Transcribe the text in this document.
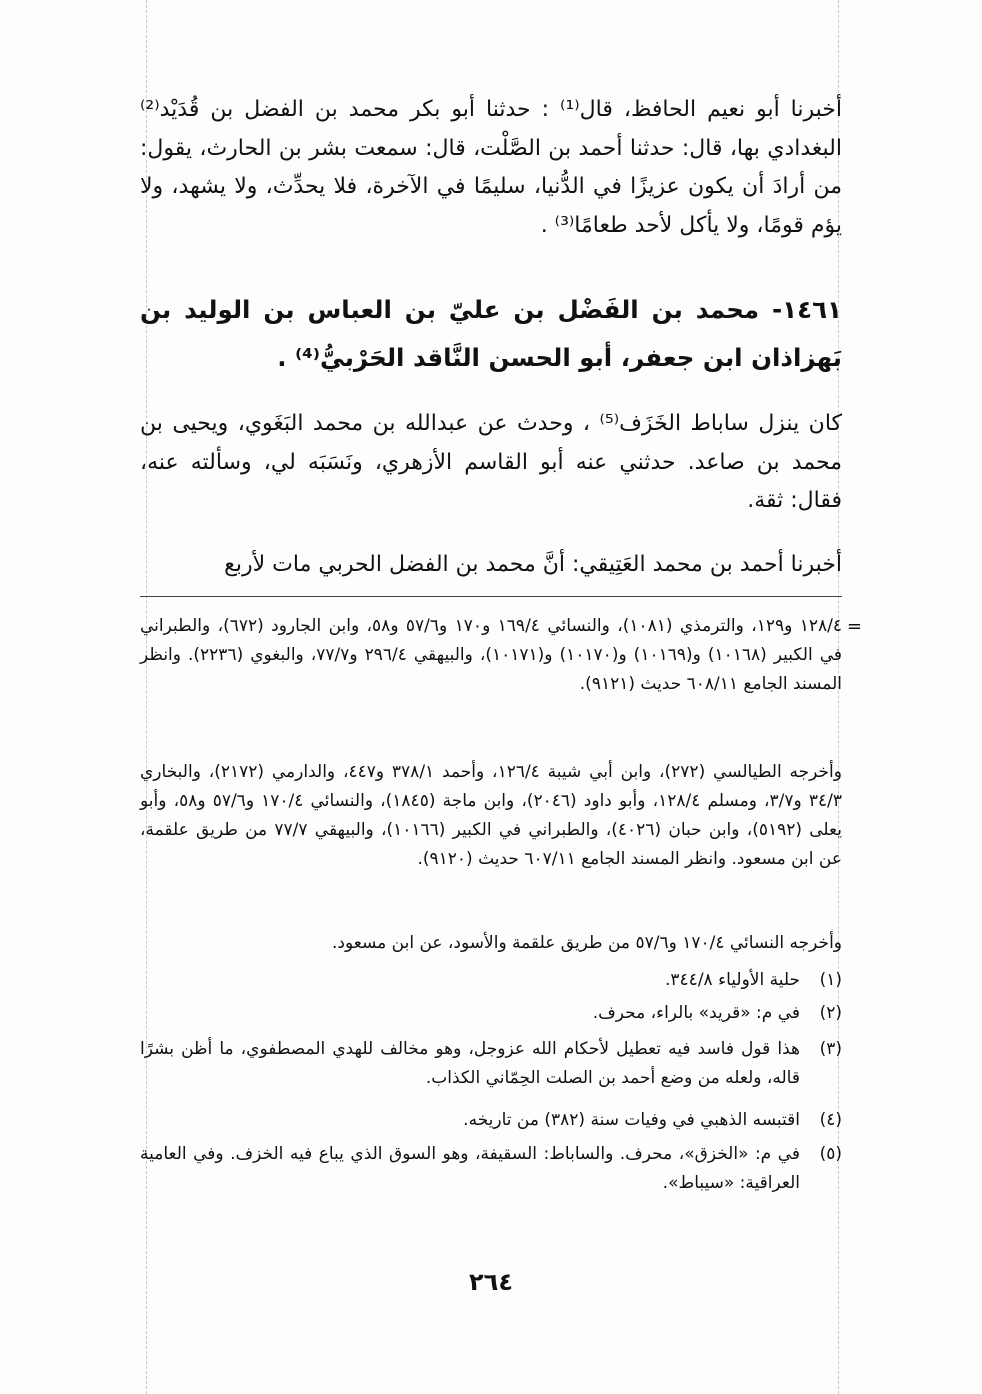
أخبرنا أبو نعيم الحافظ، قال⁽¹⁾ : حدثنا أبو بكر محمد بن الفضل بن قُدَيْد⁽²⁾ البغدادي بها، قال: حدثنا أحمد بن الصَّلْت، قال: سمعت بشر بن الحارث، يقول: من أرادَ أن يكون عزيزًا في الدُّنيا، سليمًا في الآخرة، فلا يحدِّث، ولا يشهد، ولا يؤم قومًا، ولا يأكل لأحد طعامًا⁽³⁾ .

١٤٦١- محمد بن الفَضْل بن عليّ بن العباس بن الوليد بن بَهزاذان ابن جعفر، أبو الحسن النَّاقد الحَرْبيُّ⁽⁴⁾ .

كان ينزل ساباط الخَزَف⁽⁵⁾ ، وحدث عن عبدالله بن محمد البَغَوي، ويحيى بن محمد بن صاعد. حدثني عنه أبو القاسم الأزهري، ونَسَبَه لي، وسألته عنه، فقال: ثقة.

أخبرنا أحمد بن محمد العَتِيقي: أنَّ محمد بن الفضل الحربي مات لأربع

=

١٢٨/٤ و١٢٩، والترمذي (١٠٨١)، والنسائي ١٦٩/٤ و١٧٠ و٥٧/٦ و٥٨، وابن الجارود (٦٧٢)، والطبراني في الكبير (١٠١٦٨) و(١٠١٦٩) و(١٠١٧٠) و(١٠١٧١)، والبيهقي ٢٩٦/٤ و٧٧/٧، والبغوي (٢٢٣٦). وانظر المسند الجامع ٦٠٨/١١ حديث (٩١٢١).

وأخرجه الطيالسي (٢٧٢)، وابن أبي شيبة ١٢٦/٤، وأحمد ٣٧٨/١ و٤٤٧، والدارمي (٢١٧٢)، والبخاري ٣٤/٣ و٣/٧، ومسلم ١٢٨/٤، وأبو داود (٢٠٤٦)، وابن ماجة (١٨٤٥)، والنسائي ١٧٠/٤ و٥٧/٦ و٥٨، وأبو يعلى (٥١٩٢)، وابن حبان (٤٠٢٦)، والطبراني في الكبير (١٠١٦٦)، والبيهقي ٧٧/٧ من طريق علقمة، عن ابن مسعود. وانظر المسند الجامع ٦٠٧/١١ حديث (٩١٢٠).

وأخرجه النسائي ١٧٠/٤ و٥٧/٦ من طريق علقمة والأسود، عن ابن مسعود.

(١)
حلية الأولياء ٣٤٤/٨.
(٢)
في م: «قريد» بالراء، محرف.
(٣)
هذا قول فاسد فيه تعطيل لأحكام الله عزوجل، وهو مخالف للهدي المصطفوي، ما أظن بشرًا قاله، ولعله من وضع أحمد بن الصلت الحِمّاني الكذاب.
(٤)
اقتبسه الذهبي في وفيات سنة (٣٨٢) من تاريخه.
(٥)
في م: «الخزق»، محرف. والساباط: السقيفة، وهو السوق الذي يباع فيه الخزف. وفي العامية العراقية: «سيباط».
٢٦٤
